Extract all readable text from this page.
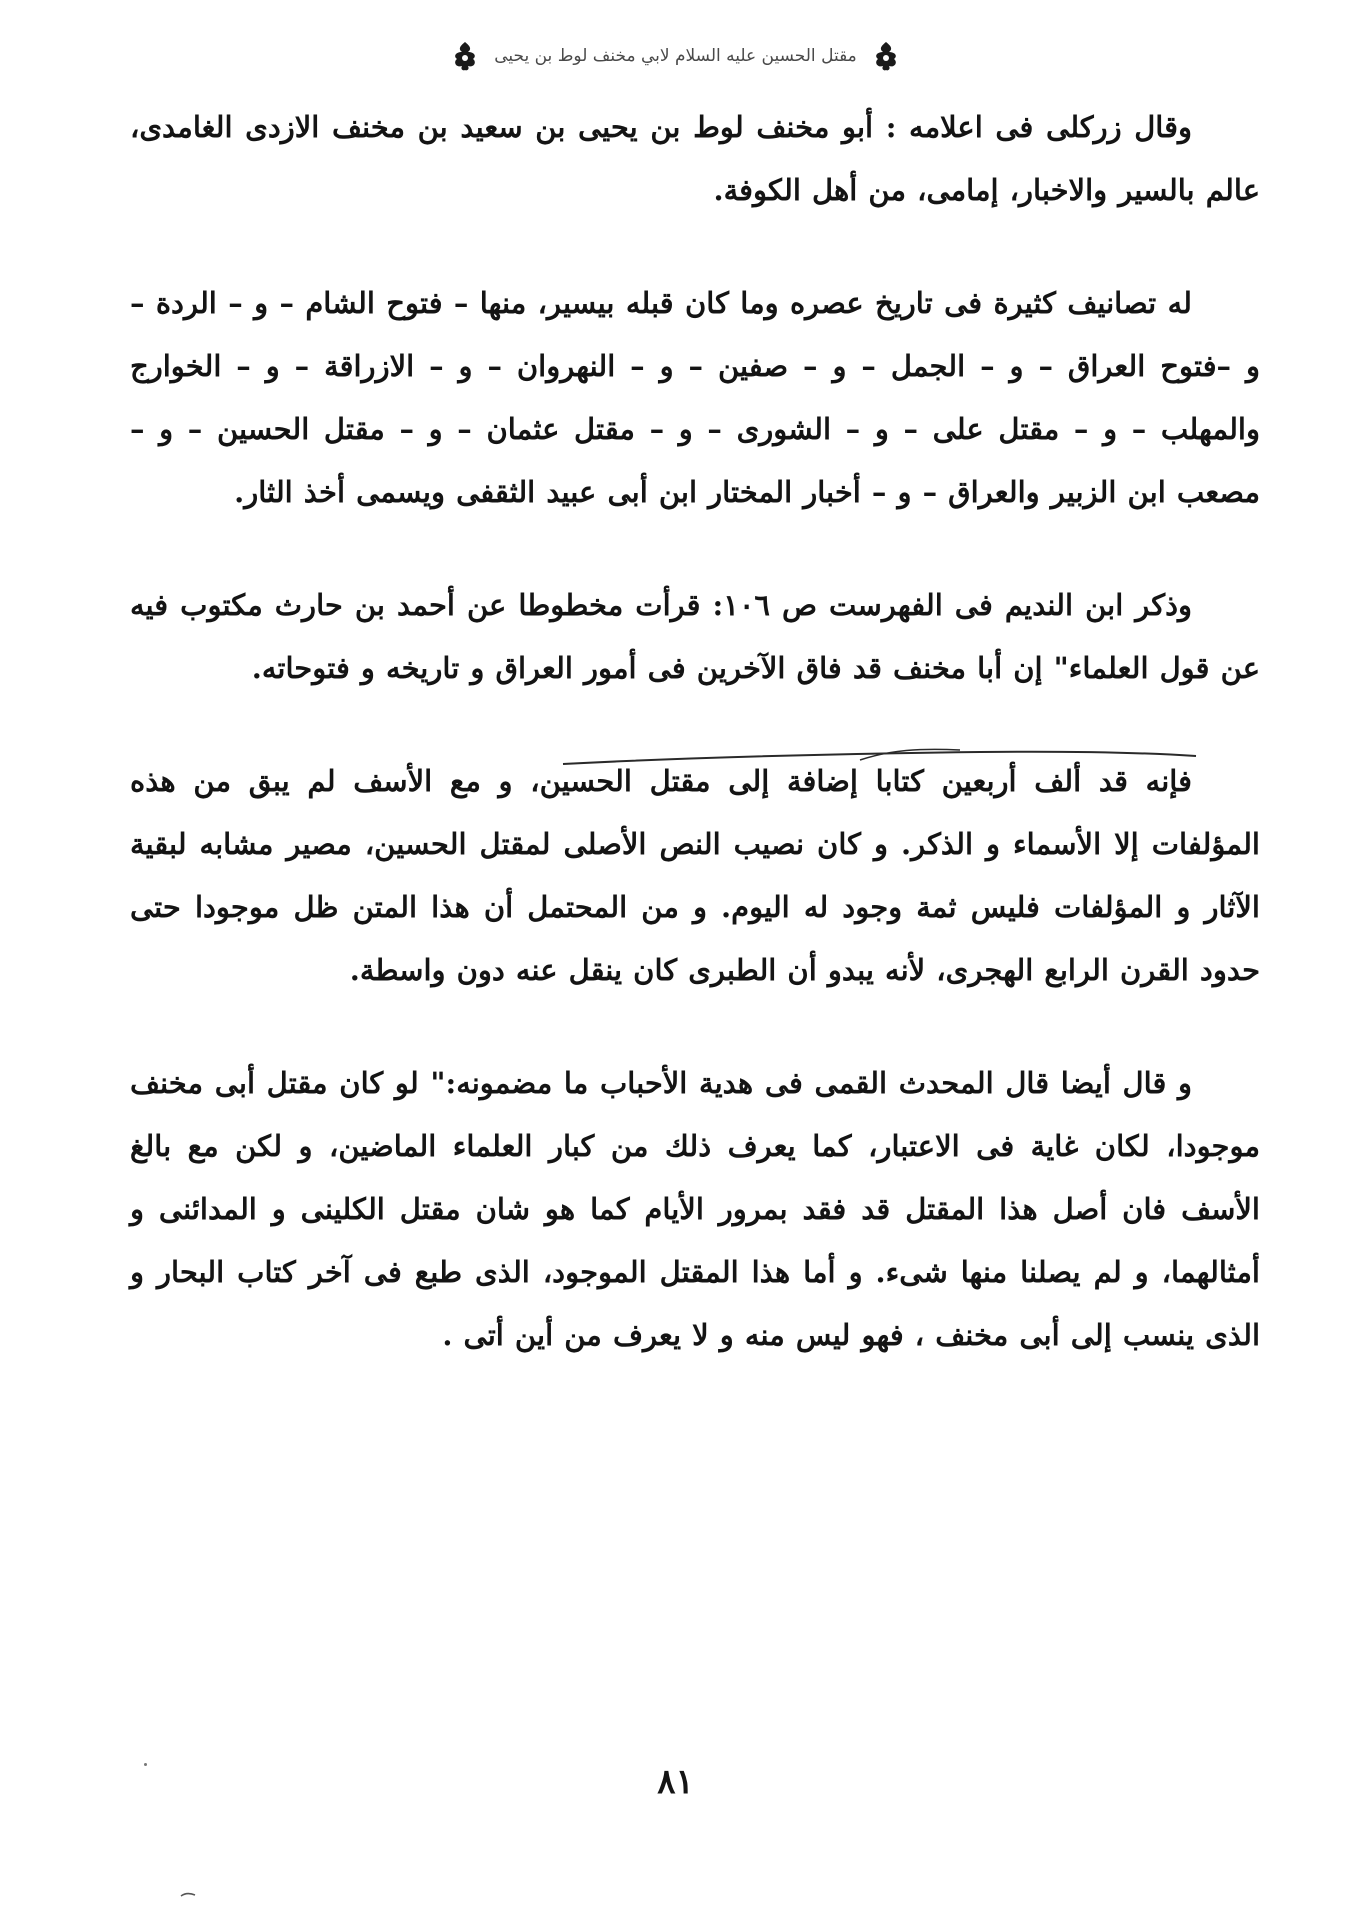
مقتل الحسين عليه السلام لابي مخنف لوط بن يحيى

وقال زركلى فى اعلامه : أبو مخنف لوط بن يحيى بن سعيد بن مخنف الازدى الغامدى، عالم بالسير والاخبار، إمامى، من أهل الكوفة.

له تصانيف كثيرة فى تاريخ عصره وما كان قبله بيسير، منها – فتوح الشام – و – الردة – و –فتوح العراق – و – الجمل – و – صفين – و – النهروان – و – الازراقة – و – الخوارج والمهلب – و – مقتل على – و – الشورى – و – مقتل عثمان – و – مقتل الحسين – و – مصعب ابن الزبير والعراق – و – أخبار المختار ابن أبى عبيد الثقفى ويسمى أخذ الثار.

وذكر ابن النديم فى الفهرست ص ١٠٦: قرأت مخطوطا عن أحمد بن حارث مكتوب فيه عن قول العلماء" إن أبا مخنف قد فاق الآخرين فى أمور العراق و تاريخه و فتوحاته.

فإنه قد ألف أربعين كتابا إضافة إلى مقتل الحسين، و مع الأسف لم يبق من هذه المؤلفات إلا الأسماء و الذكر. و كان نصيب النص الأصلى لمقتل الحسين، مصير مشابه لبقية الآثار و المؤلفات فليس ثمة وجود له اليوم. و من المحتمل أن هذا المتن ظل موجودا حتى حدود القرن الرابع الهجرى، لأنه يبدو أن الطبرى كان ينقل عنه دون واسطة.

و قال أيضا قال المحدث القمى فى هدية الأحباب ما مضمونه:" لو كان مقتل أبى مخنف موجودا، لكان غاية فى الاعتبار، كما يعرف ذلك من كبار العلماء الماضين، و لكن مع بالغ الأسف فان أصل هذا المقتل قد فقد بمرور الأيام كما هو شان مقتل الكلينى و المدائنى و أمثالهما، و لم يصلنا منها شىء. و أما هذا المقتل الموجود، الذى طبع فى آخر كتاب البحار و الذى ينسب إلى أبى مخنف ، فهو ليس منه و لا يعرف من أين أتى .

٨١
